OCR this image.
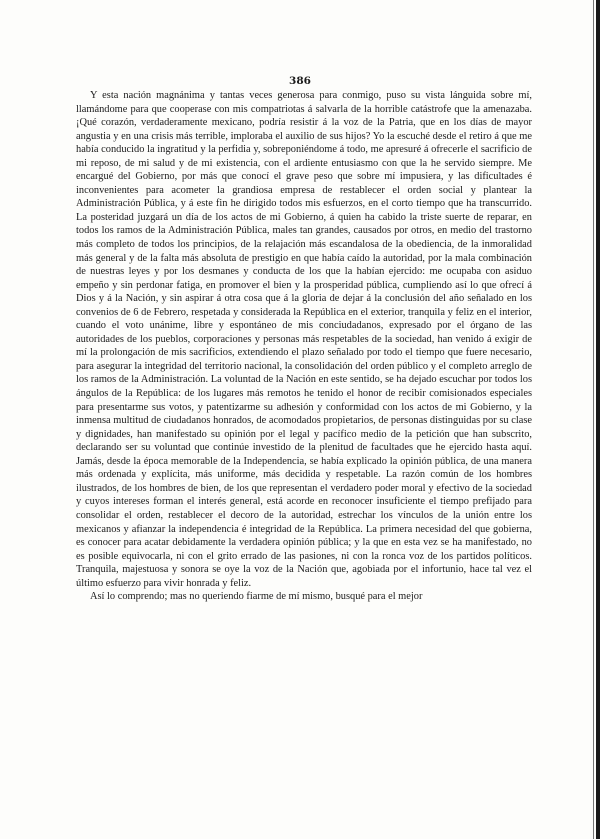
386

Y esta nación magnánima y tantas veces generosa para conmigo, puso su vista lánguida sobre mí, llamándome para que cooperase con mis compatriotas á salvarla de la horrible catástrofe que la amenazaba. ¡Qué corazón, verdaderamente mexicano, podría resistir á la voz de la Patria, que en los días de mayor angustia y en una crisis más terrible, imploraba el auxilio de sus hijos? Yo la escuché desde el retiro á que me había conducido la ingratitud y la perfidia y, sobreponiéndome á todo, me apresuré á ofrecerle el sacrificio de mi reposo, de mi salud y de mi existencia, con el ardiente entusiasmo con que la he servido siempre. Me encargué del Gobierno, por más que conocí el grave peso que sobre mí impusiera, y las dificultades é inconvenientes para acometer la grandiosa empresa de restablecer el orden social y plantear la Administración Pública, y á este fin he dirigido todos mis esfuerzos, en el corto tiempo que ha transcurrido. La posteridad juzgará un día de los actos de mi Gobierno, á quien ha cabido la triste suerte de reparar, en todos los ramos de la Administración Pública, males tan grandes, causados por otros, en medio del trastorno más completo de todos los principios, de la relajación más escandalosa de la obediencia, de la inmoralidad más general y de la falta más absoluta de prestigio en que había caído la autoridad, por la mala combinación de nuestras leyes y por los desmanes y conducta de los que la habían ejercido: me ocupaba con asiduo empeño y sin perdonar fatiga, en promover el bien y la prosperidad pública, cumpliendo así lo que ofrecí á Dios y á la Nación, y sin aspirar á otra cosa que á la gloria de dejar á la conclusión del año señalado en los convenios de 6 de Febrero, respetada y considerada la República en el exterior, tranquila y feliz en el interior, cuando el voto unánime, libre y espontáneo de mis conciudadanos, expresado por el órgano de las autoridades de los pueblos, corporaciones y personas más respetables de la sociedad, han venido á exigir de mí la prolongación de mis sacrificios, extendiendo el plazo señalado por todo el tiempo que fuere necesario, para asegurar la integridad del territorio nacional, la consolidación del orden público y el completo arreglo de los ramos de la Administración. La voluntad de la Nación en este sentido, se ha dejado escuchar por todos los ángulos de la República: de los lugares más remotos he tenido el honor de recibir comisionados especiales para presentarme sus votos, y patentizarme su adhesión y conformidad con los actos de mi Gobierno, y la inmensa multitud de ciudadanos honrados, de acomodados propietarios, de personas distinguidas por su clase y dignidades, han manifestado su opinión por el legal y pacífico medio de la petición que han subscrito, declarando ser su voluntad que continúe investido de la plenitud de facultades que he ejercido hasta aquí. Jamás, desde la época memorable de la Independencia, se había explicado la opinión pública, de una manera más ordenada y explícita, más uniforme, más decidida y respetable. La razón común de los hombres ilustrados, de los hombres de bien, de los que representan el verdadero poder moral y efectivo de la sociedad y cuyos intereses forman el interés general, está acorde en reconocer insuficiente el tiempo prefijado para consolidar el orden, restablecer el decoro de la autoridad, estrechar los vínculos de la unión entre los mexicanos y afianzar la independencia é integridad de la República. La primera necesidad del que gobierna, es conocer para acatar debidamente la verdadera opinión pública; y la que en esta vez se ha manifestado, no es posible equivocarla, ni con el grito errado de las pasiones, ni con la ronca voz de los partidos políticos. Tranquila, majestuosa y sonora se oye la voz de la Nación que, agobiada por el infortunio, hace tal vez el último esfuerzo para vivir honrada y feliz.

Así lo comprendo; mas no queriendo fiarme de mí mismo, busqué para el mejor
